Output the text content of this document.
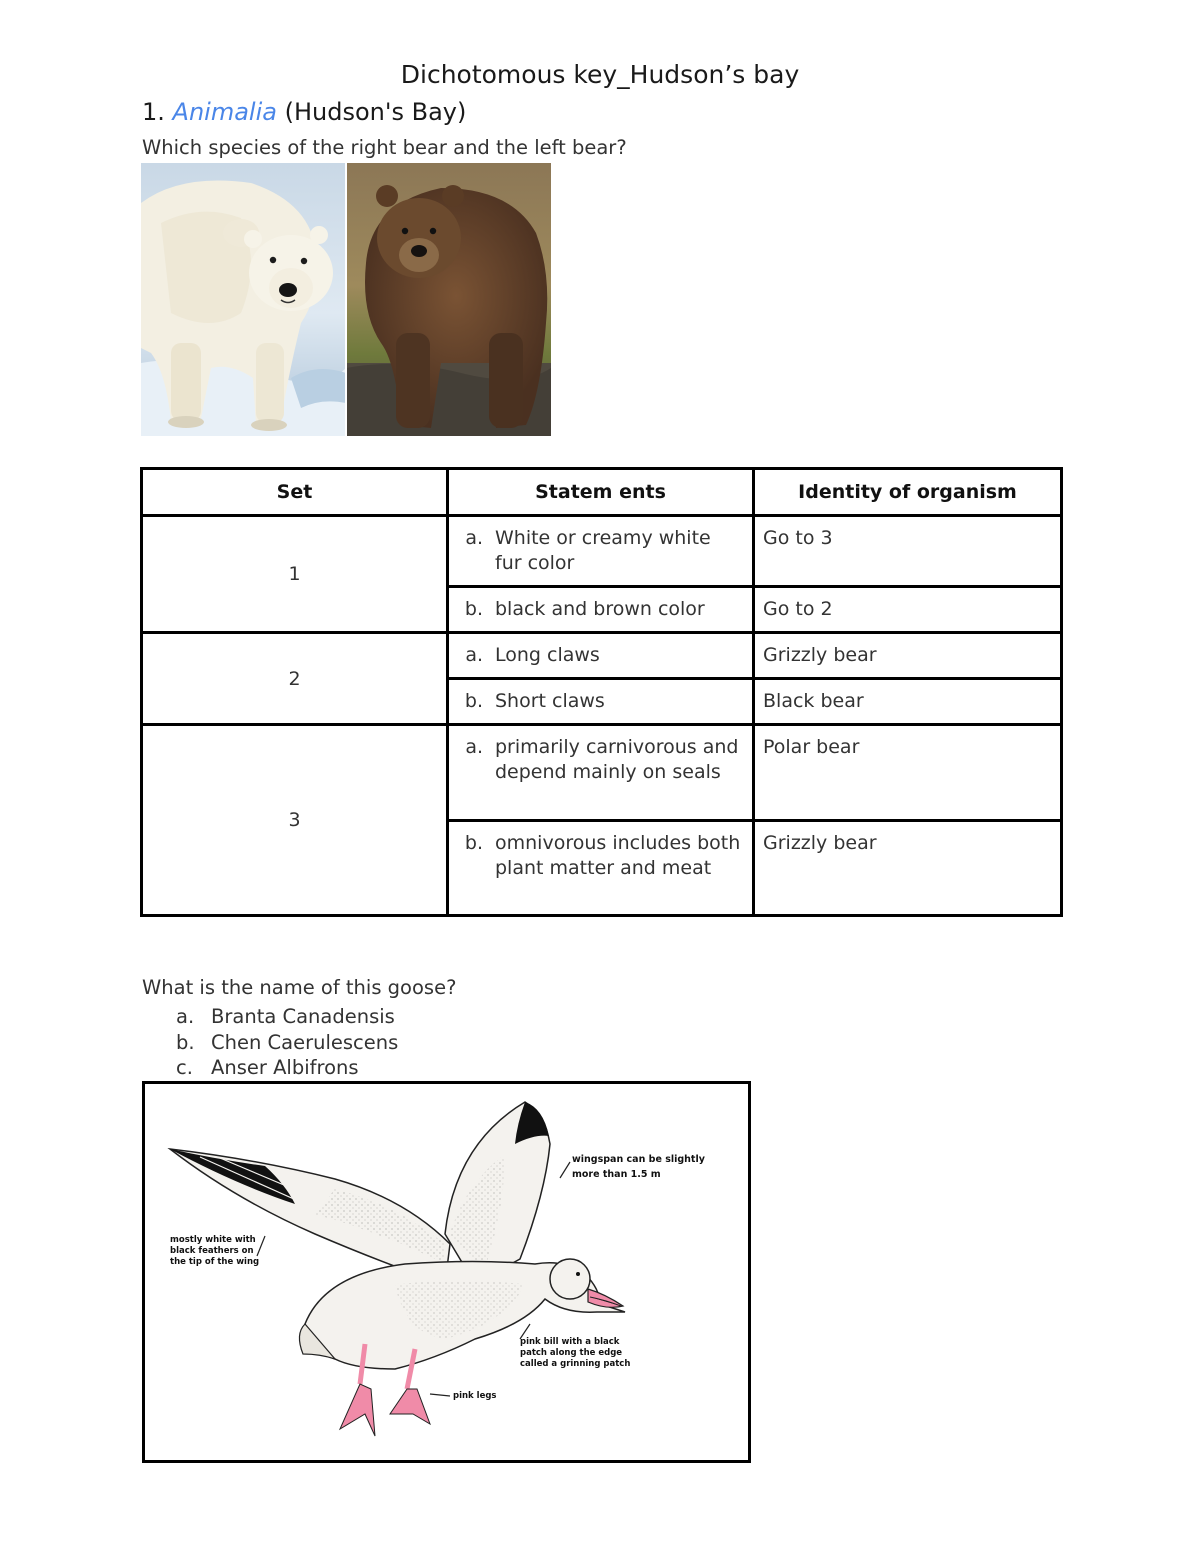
Dichotomous key_Hudson’s bay
1. Animalia (Hudson's Bay)
Which species of the right bear and the left bear?
Set	Statem ents	Identity of organism
1	a. White or creamy white fur color	Go to 3

	b. black and brown color	Go to 2
2	a. Long claws	Grizzly bear

	b. Short claws	Black bear
3	a. primarily carnivorous and depend mainly on seals	Polar bear

	b. omnivorous includes both plant matter and meat	Grizzly bear
What is the name of this goose?
a. Branta Canadensis
b. Chen Caerulescens
c. Anser Albifrons
wingspan can be slightly
more than 1.5 m
mostly white with
black feathers on
the tip of the wing
pink bill with a black
patch along the edge
called a grinning patch
pink legs
